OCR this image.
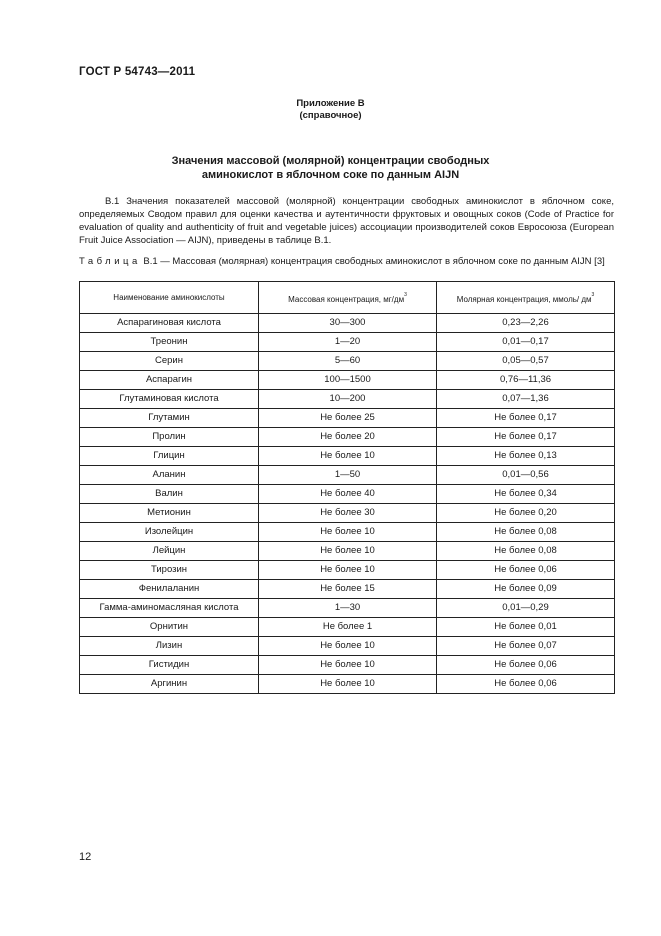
ГОСТ Р 54743—2011
Приложение В
(справочное)
Значения массовой (молярной) концентрации свободных
аминокислот в яблочном соке по данным AIJN

В.1 Значения показателей массовой (молярной) концентрации свободных аминокислот в яблочном соке, определяемых Сводом правил для оценки качества и аутентичности фруктовых и овощных соков (Code of Practice for evaluation of quality and authenticity of fruit and vegetable juices) ассоциации производителей соков Евросоюза (European Fruit Juice Association — AIJN), приведены в таблице В.1.

Таблица В.1 — Массовая (молярная) концентрация свободных аминокислот в яблочном соке по данным AIJN [3]

Наименование аминокислоты	Массовая концентрация, $мг/дм^3$	Молярная концентрация, ммоль/ $дм^3$
Аспарагиновая кислота	30—300	0,23—2,26
Треонин	1—20	0,01—0,17
Серин	5—60	0,05—0,57
Аспарагин	100—1500	0,76—11,36
Глутаминовая кислота	10—200	0,07—1,36
Глутамин	Не более 25	Не более 0,17
Пролин	Не более 20	Не более 0,17
Глицин	Не более 10	Не более 0,13
Аланин	1—50	0,01—0,56
Валин	Не более 40	Не более 0,34
Метионин	Не более 30	Не более 0,20
Изолейцин	Не более 10	Не более 0,08
Лейцин	Не более 10	Не более 0,08
Тирозин	Не более 10	Не более 0,06
Фенилаланин	Не более 15	Не более 0,09
Гамма-аминомасляная кислота	1—30	0,01—0,29
Орнитин	Не более 1	Не более 0,01
Лизин	Не более 10	Не более 0,07
Гистидин	Не более 10	Не более 0,06
Аргинин	Не более 10	Не более 0,06
12
